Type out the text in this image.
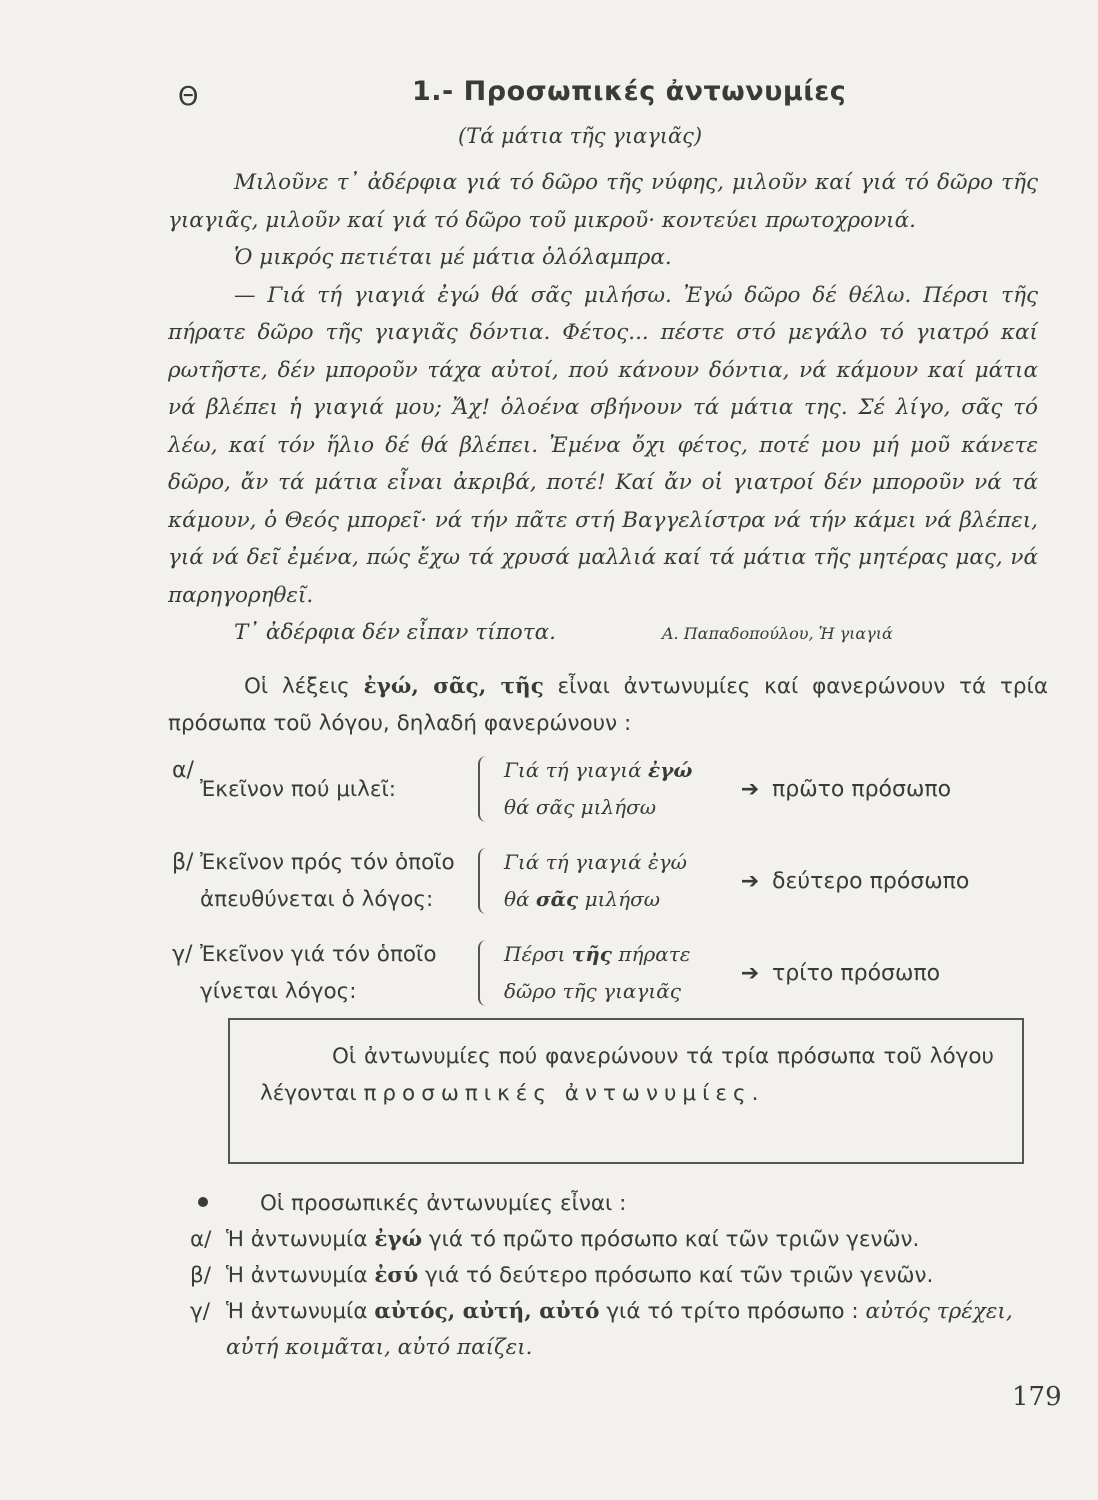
Θ	1.- Προσωπικές ἀντωνυμίες
(Τά μάτια τῆς γιαγιᾶς)

Μιλοῦνε τ᾽ ἀδέρφια γιά τό δῶρο τῆς νύφης, μιλοῦν καί γιά τό δῶρο τῆς γιαγιᾶς, μιλοῦν καί γιά τό δῶρο τοῦ μικροῦ· κοντεύει πρωτοχρονιά.

Ὁ μικρός πετιέται μέ μάτια ὁλόλαμπρα.

— Γιά τή γιαγιά ἐγώ θά σᾶς μιλήσω. Ἐγώ δῶρο δέ θέλω. Πέρσι τῆς πήρατε δῶρο τῆς γιαγιᾶς δόντια. Φέτος... πέστε στό μεγάλο τό γιατρό καί ρωτῆστε, δέν μποροῦν τάχα αὐτοί, πού κάνουν δόντια, νά κάμουν καί μάτια νά βλέπει ἡ γιαγιά μου; Ἄχ! ὁλοένα σβήνουν τά μάτια της. Σέ λίγο, σᾶς τό λέω, καί τόν ἥλιο δέ θά βλέπει. Ἐμένα ὄχι φέτος, ποτέ μου μή μοῦ κάνετε δῶρο, ἄν τά μάτια εἶναι ἀκριβά, ποτέ! Καί ἄν οἱ γιατροί δέν μποροῦν νά τά κάμουν, ὁ Θεός μπορεῖ· νά τήν πᾶτε στή Βαγγελίστρα νά τήν κάμει νά βλέπει, γιά νά δεῖ ἐμένα, πώς ἔχω τά χρυσά μαλλιά καί τά μάτια τῆς μητέρας μας, νά παρηγορηθεῖ.

Τ᾽ ἀδέρφια δέν εἶπαν τίποτα.	Α. Παπαδοπούλου, Ἡ γιαγιά

Οἱ λέξεις ἐγώ, σᾶς, τῆς εἶναι ἀντωνυμίες καί φανερώνουν τά τρία πρόσωπα τοῦ λόγου, δηλαδή φανερώνουν :

α/
Ἐκεῖνον πού μιλεῖ:
Γιά τή γιαγιά ἐγώ
θά σᾶς μιλήσω
➔ πρῶτο πρόσωπο
β/ Ἐκεῖνον πρός τόν ὁποῖο ἀπευθύνεται ὁ λόγος:
Γιά τή γιαγιά ἐγώ
θά σᾶς μιλήσω
➔ δεύτερο πρόσωπο
γ/ Ἐκεῖνον γιά τόν ὁποῖο γίνεται λόγος:
Πέρσι τῆς πήρατε
δῶρο τῆς γιαγιᾶς
➔ τρίτο πρόσωπο

Οἱ ἀντωνυμίες πού φανερώνουν τά τρία πρόσωπα τοῦ λόγου λέγονται προσωπικές ἀντωνυμίες.

Οἱ προσωπικές ἀντωνυμίες εἶναι :
α/ Ἡ ἀντωνυμία ἐγώ γιά τό πρῶτο πρόσωπο καί τῶν τριῶν γενῶν.
β/ Ἡ ἀντωνυμία ἐσύ γιά τό δεύτερο πρόσωπο καί τῶν τριῶν γενῶν.
γ/ Ἡ ἀντωνυμία αὐτός, αὐτή, αὐτό γιά τό τρίτο πρόσωπο : αὐτός τρέχει, αὐτή κοιμᾶται, αὐτό παίζει.
179
